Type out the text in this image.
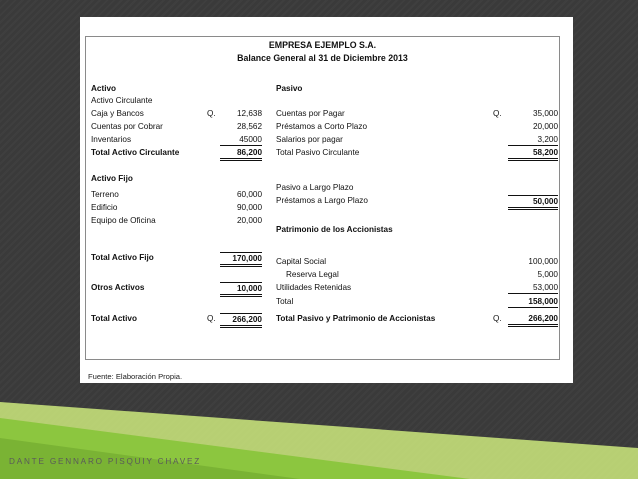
EMPRESA EJEMPLO S.A.
Balance General al 31 de Diciembre 2013
Activo
Activo Circulante
Caja y Bancos	Q.	12,638
Cuentas por Cobrar	28,562
Inventarios	45000
Total Activo Circulante	86,200
Activo Fijo
Terreno	60,000
Edificio	90,000
Equipo de Oficina	20,000
Total Activo Fijo	170,000
Otros Activos	10,000
Total Activo	Q.	266,200
Pasivo
Cuentas por Pagar	Q.	35,000
Préstamos a Corto Plazo	20,000
Salarios por pagar	3,200
Total Pasivo Circulante	58,200
Pasivo a Largo Plazo
Préstamos a Largo Plazo	50,000
Patrimonio de los Accionistas
Capital Social	100,000
Reserva Legal	5,000
Utilidades Retenidas	53,000
Total	158,000
Total Pasivo y Patrimonio de Accionistas	Q.	266,200
Fuente: Elaboración Propia.
DANTE GENNARO PISQUIY CHAVEZ
